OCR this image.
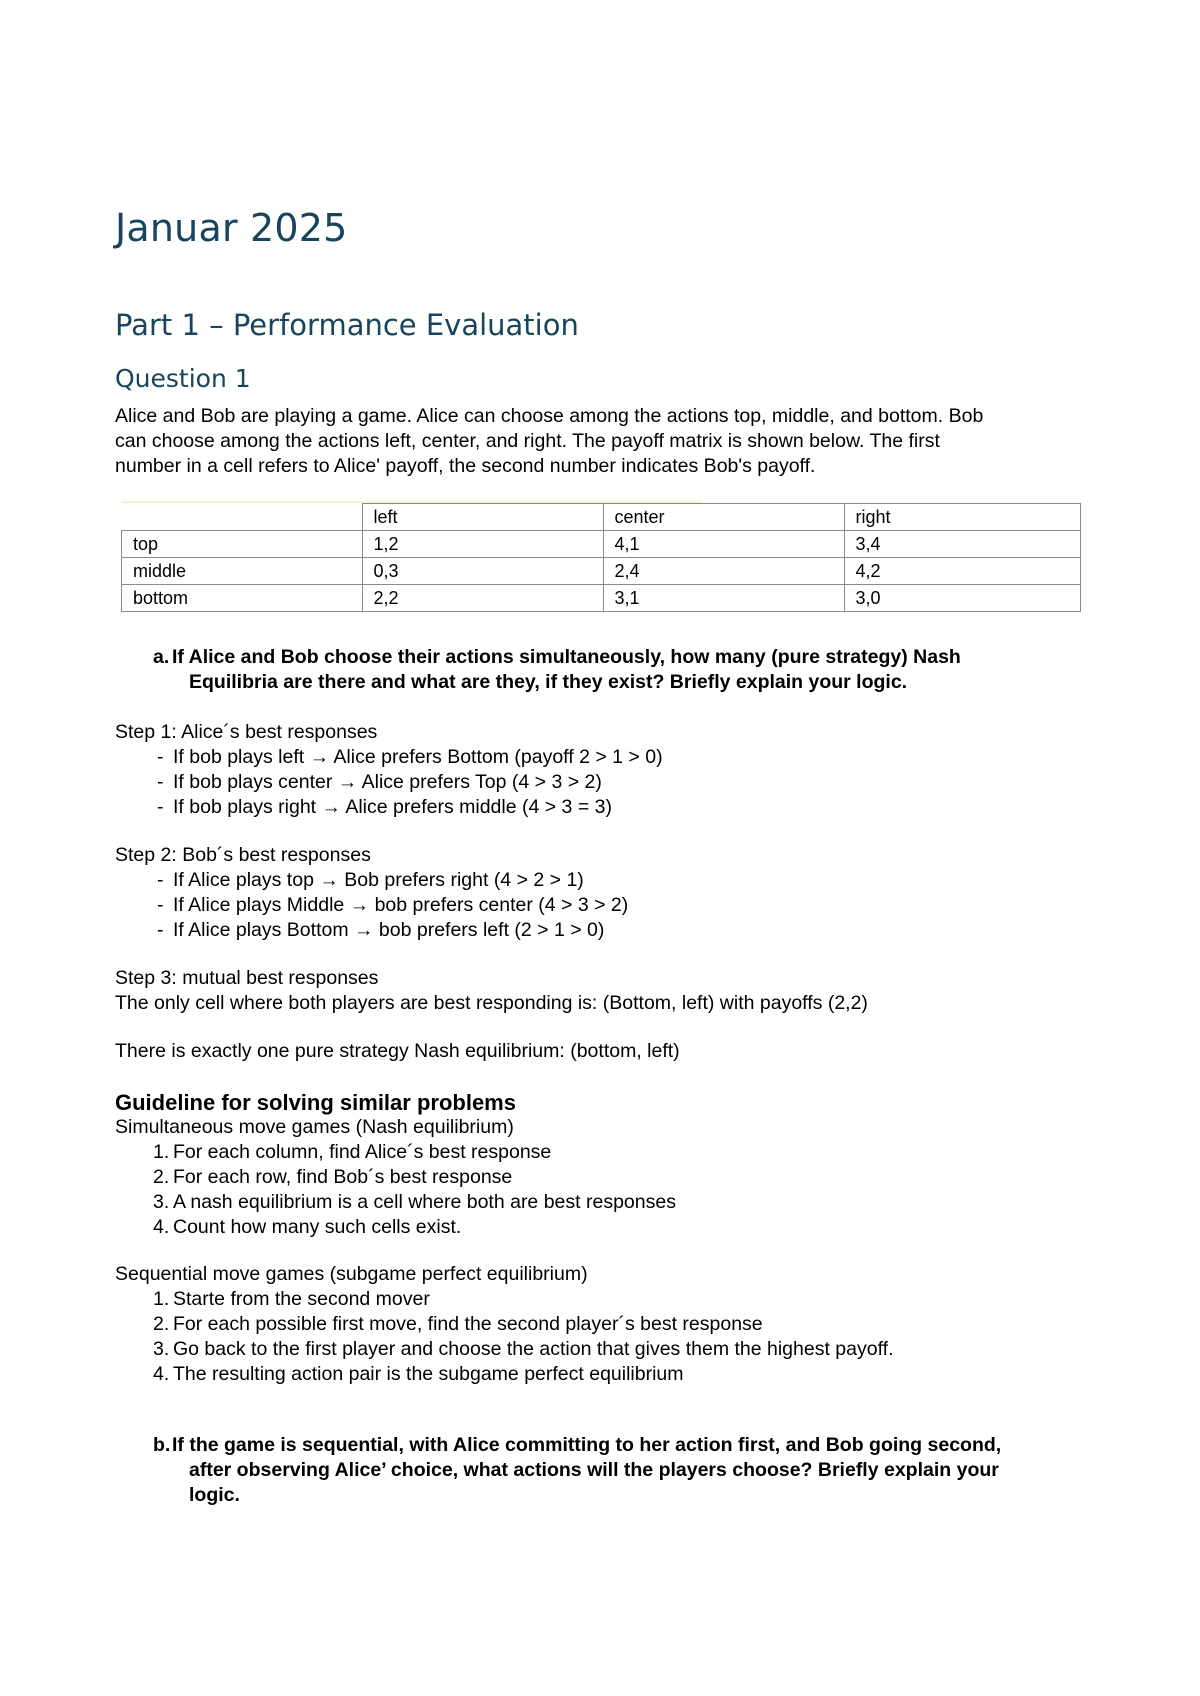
Januar 2025
Part 1 – Performance Evaluation
Question 1
Alice and Bob are playing a game. Alice can choose among the actions top, middle, and bottom. Bob
can choose among the actions left, center, and right. The payoff matrix is shown below. The first
number in a cell refers to Alice' payoff, the second number indicates Bob's payoff.
	left	center	right
top	1,2	4,1	3,4
middle	0,3	2,4	4,2
bottom	2,2	3,1	3,0
a. If Alice and Bob choose their actions simultaneously, how many (pure strategy) Nash
Equilibria are there and what are they, if they exist? Briefly explain your logic.

Step 1: Alice´s best responses

- If bob plays left → Alice prefers Bottom (payoff 2 > 1 > 0)

- If bob plays center → Alice prefers Top (4 > 3 > 2)

- If bob plays right → Alice prefers middle (4 > 3 = 3)

Step 2: Bob´s best responses

- If Alice plays top → Bob prefers right (4 > 2 > 1)

- If Alice plays Middle → bob prefers center (4 > 3 > 2)

- If Alice plays Bottom → bob prefers left (2 > 1 > 0)

Step 3: mutual best responses

The only cell where both players are best responding is: (Bottom, left) with payoffs (2,2)

There is exactly one pure strategy Nash equilibrium: (bottom, left)
Guideline for solving similar problems

Simultaneous move games (Nash equilibrium)

1. For each column, find Alice´s best response

2. For each row, find Bob´s best response

3. A nash equilibrium is a cell where both are best responses

4. Count how many such cells exist.

Sequential move games (subgame perfect equilibrium)

1. Starte from the second mover

2. For each possible first move, find the second player´s best response

3. Go back to the first player and choose the action that gives them the highest payoff.

4. The resulting action pair is the subgame perfect equilibrium

b.If the game is sequential, with Alice committing to her action first, and Bob going second,
after observing Alice’ choice, what actions will the players choose? Briefly explain your
logic.
